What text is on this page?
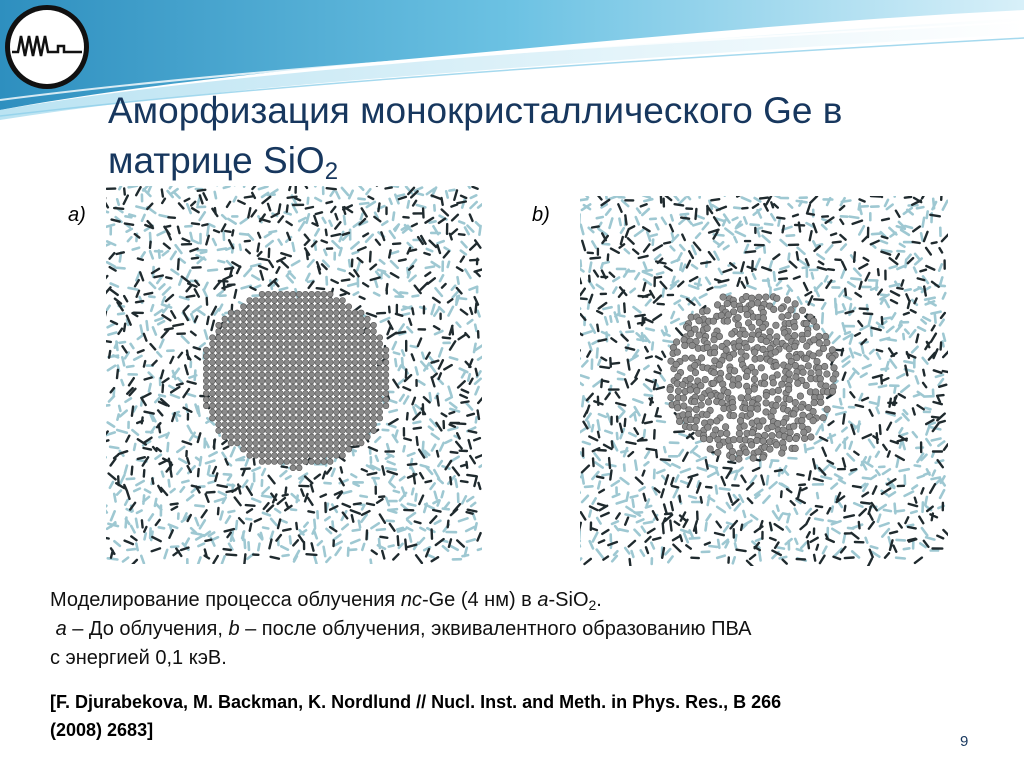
Аморфизация монокристаллического Ge в
матрице SiO$_2$
a)	b)
Моделирование процесса облучения nc-Ge (4 нм) в a-SiO$_2$.
a – До облучения, b – после облучения, эквивалентного образованию ПВА
с энергией 0,1 кэВ.
[F. Djurabekova, M. Backman, K. Nordlund // Nucl. Inst. and Meth. in Phys. Res., B 266
(2008) 2683]
9
